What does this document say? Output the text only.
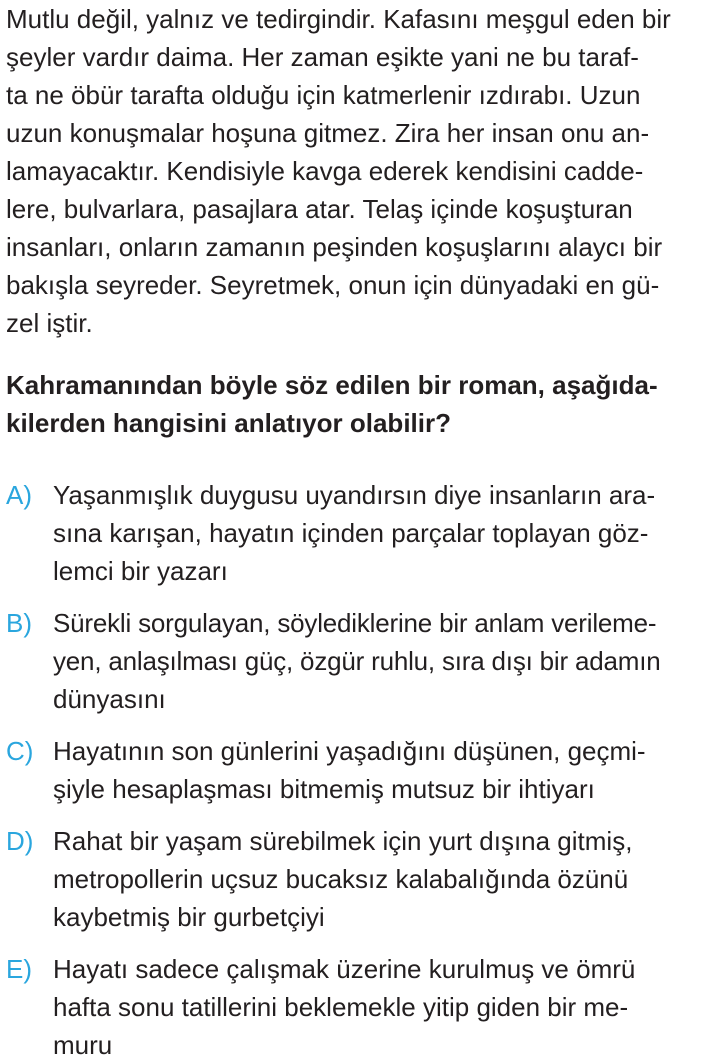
Mutlu değil, yalnız ve tedirgindir. Kafasını meşgul eden bir
şeyler vardır daima. Her zaman eşikte yani ne bu taraf-
ta ne öbür tarafta olduğu için katmerlenir ızdırabı. Uzun
uzun konuşmalar hoşuna gitmez. Zira her insan onu an-
lamayacaktır. Kendisiyle kavga ederek kendisini cadde-
lere, bulvarlara, pasajlara atar. Telaş içinde koşuşturan
insanları, onların zamanın peşinden koşuşlarını alaycı bir
bakışla seyreder. Seyretmek, onun için dünyadaki en gü-
zel iştir.
Kahramanından böyle söz edilen bir roman, aşağıda-
kilerden hangisini anlatıyor olabilir?
A) Yaşanmışlık duygusu uyandırsın diye insanların ara-
sına karışan, hayatın içinden parçalar toplayan göz-
lemci bir yazarı
B) Sürekli sorgulayan, söylediklerine bir anlam verileme-
yen, anlaşılması güç, özgür ruhlu, sıra dışı bir adamın
dünyasını
C) Hayatının son günlerini yaşadığını düşünen, geçmi-
şiyle hesaplaşması bitmemiş mutsuz bir ihtiyarı
D) Rahat bir yaşam sürebilmek için yurt dışına gitmiş,
metropollerin uçsuz bucaksız kalabalığında özünü
kaybetmiş bir gurbetçiyi
E) Hayatı sadece çalışmak üzerine kurulmuş ve ömrü
hafta sonu tatillerini beklemekle yitip giden bir me-
muru
